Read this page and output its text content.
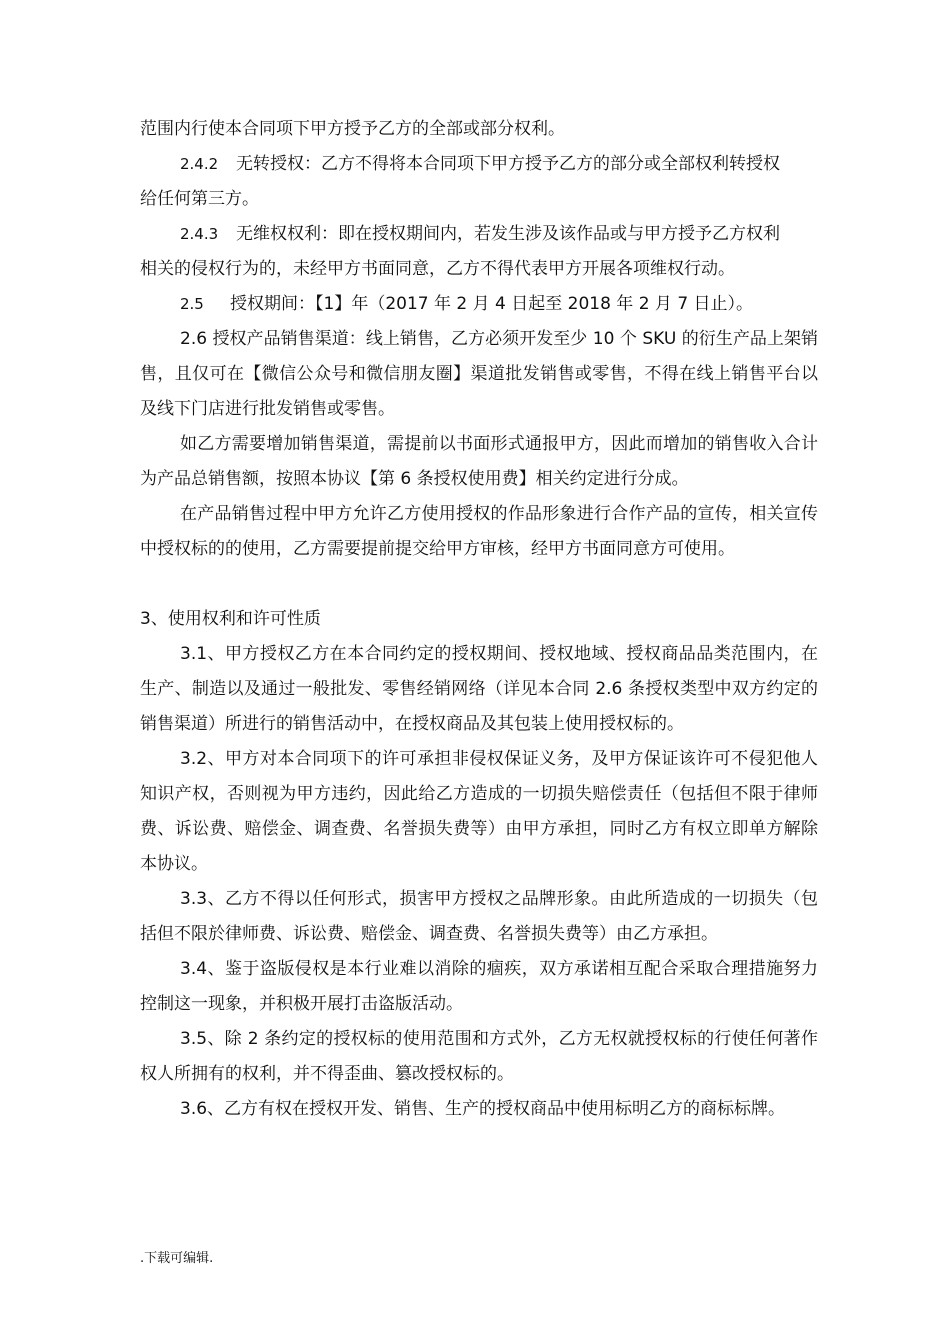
范围内行使本合同项下甲方授予乙方的全部或部分权利。

2.4.2 无转授权：乙方不得将本合同项下甲方授予乙方的部分或全部权利转授权

给任何第三方。

2.4.3 无维权权利：即在授权期间内，若发生涉及该作品或与甲方授予乙方权利

相关的侵权行为的，未经甲方书面同意，乙方不得代表甲方开展各项维权行动。

2.5 授权期间：【1】年（2017 年 2 月 4 日起至 2018 年 2 月 7 日止）。

2.6 授权产品销售渠道：线上销售，乙方必须开发至少 10 个 SKU 的衍生产品上架销售，且仅可在【微信公众号和微信朋友圈】渠道批发销售或零售，不得在线上销售平台以及线下门店进行批发销售或零售。

如乙方需要增加销售渠道，需提前以书面形式通报甲方，因此而增加的销售收入合计为产品总销售额，按照本协议【第 6 条授权使用费】相关约定进行分成。

在产品销售过程中甲方允许乙方使用授权的作品形象进行合作产品的宣传，相关宣传中授权标的的使用，乙方需要提前提交给甲方审核，经甲方书面同意方可使用。

3、使用权利和许可性质

3.1、甲方授权乙方在本合同约定的授权期间、授权地域、授权商品品类范围内，在生产、制造以及通过一般批发、零售经销网络（详见本合同 2.6 条授权类型中双方约定的销售渠道）所进行的销售活动中，在授权商品及其包装上使用授权标的。

3.2、甲方对本合同项下的许可承担非侵权保证义务，及甲方保证该许可不侵犯他人知识产权，否则视为甲方违约，因此给乙方造成的一切损失赔偿责任（包括但不限于律师费、诉讼费、赔偿金、调查费、名誉损失费等）由甲方承担，同时乙方有权立即单方解除本协议。

3.3、乙方不得以任何形式，损害甲方授权之品牌形象。由此所造成的一切损失（包括但不限於律师费、诉讼费、赔偿金、调查费、名誉损失费等）由乙方承担。

3.4、鉴于盗版侵权是本行业难以消除的痼疾，双方承诺相互配合采取合理措施努力控制这一现象，并积极开展打击盗版活动。

3.5、除 2 条约定的授权标的使用范围和方式外，乙方无权就授权标的行使任何著作权人所拥有的权利，并不得歪曲、篡改授权标的。

3.6、乙方有权在授权开发、销售、生产的授权商品中使用标明乙方的商标标牌。

.下载可编辑.
